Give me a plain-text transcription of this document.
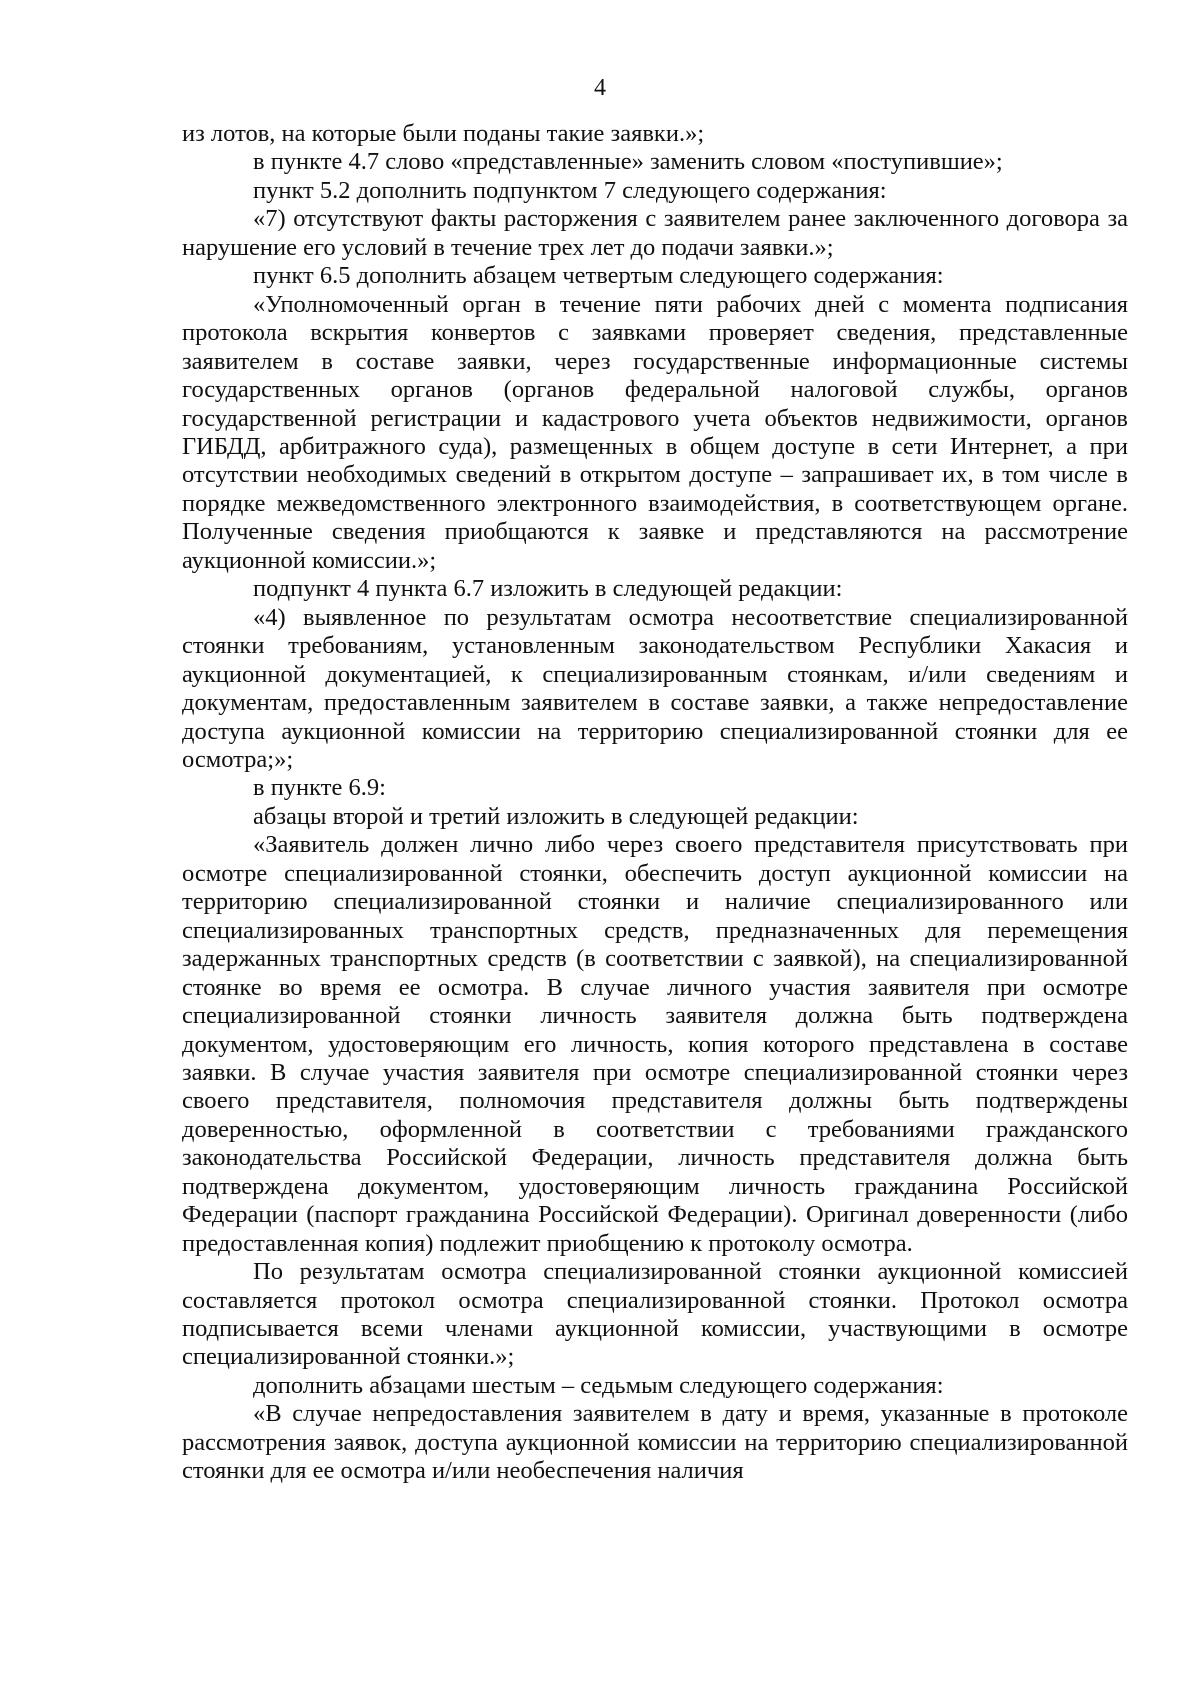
4

из лотов, на которые были поданы такие заявки.»;

в пункте 4.7 слово «представленные» заменить словом «поступившие»;

пункт 5.2 дополнить подпунктом 7 следующего содержания:

«7) отсутствуют факты расторжения с заявителем ранее заключенного договора за нарушение его условий в течение трех лет до подачи заявки.»;

пункт 6.5 дополнить абзацем четвертым следующего содержания:

«Уполномоченный орган в течение пяти рабочих дней с момента подписания протокола вскрытия конвертов с заявками проверяет сведения, представленные заявителем в составе заявки, через государственные информационные системы государственных органов (органов федеральной налоговой службы, органов государственной регистрации и кадастрового учета объектов недвижимости, органов ГИБДД, арбитражного суда), размещенных в общем доступе в сети Интернет, а при отсутствии необходимых сведений в открытом доступе – запрашивает их, в том числе в порядке межведомственного электронного взаимодействия, в соответствующем органе. Полученные сведения приобщаются к заявке и представляются на рассмотрение аукционной комиссии.»;

подпункт 4 пункта 6.7 изложить в следующей редакции:

«4) выявленное по результатам осмотра несоответствие специализированной стоянки требованиям, установленным законодательством Республики Хакасия и аукционной документацией, к специализированным стоянкам, и/или сведениям и документам, предоставленным заявителем в составе заявки, а также непредоставление доступа аукционной комиссии на территорию специализированной стоянки для ее осмотра;»;

в пункте 6.9:

абзацы второй и третий изложить в следующей редакции:

«Заявитель должен лично либо через своего представителя присутствовать при осмотре специализированной стоянки, обеспечить доступ аукционной комиссии на территорию специализированной стоянки и наличие специализированного или специализированных транспортных средств, предназначенных для перемещения задержанных транспортных средств (в соответствии с заявкой), на специализированной стоянке во время ее осмотра. В случае личного участия заявителя при осмотре специализированной стоянки личность заявителя должна быть подтверждена документом, удостоверяющим его личность, копия которого представлена в составе заявки. В случае участия заявителя при осмотре специализированной стоянки через своего представителя, полномочия представителя должны быть подтверждены доверенностью, оформленной в соответствии с требованиями гражданского законодательства Российской Федерации, личность представителя должна быть подтверждена документом, удостоверяющим личность гражданина Российской Федерации (паспорт гражданина Российской Федерации). Оригинал доверенности (либо предоставленная копия) подлежит приобщению к протоколу осмотра.

По результатам осмотра специализированной стоянки аукционной комиссией составляется протокол осмотра специализированной стоянки. Протокол осмотра подписывается всеми членами аукционной комиссии, участвующими в осмотре специализированной стоянки.»;

дополнить абзацами шестым – седьмым следующего содержания:

«В случае непредоставления заявителем в дату и время, указанные в протоколе рассмотрения заявок, доступа аукционной комиссии на территорию специализированной стоянки для ее осмотра и/или необеспечения наличия
